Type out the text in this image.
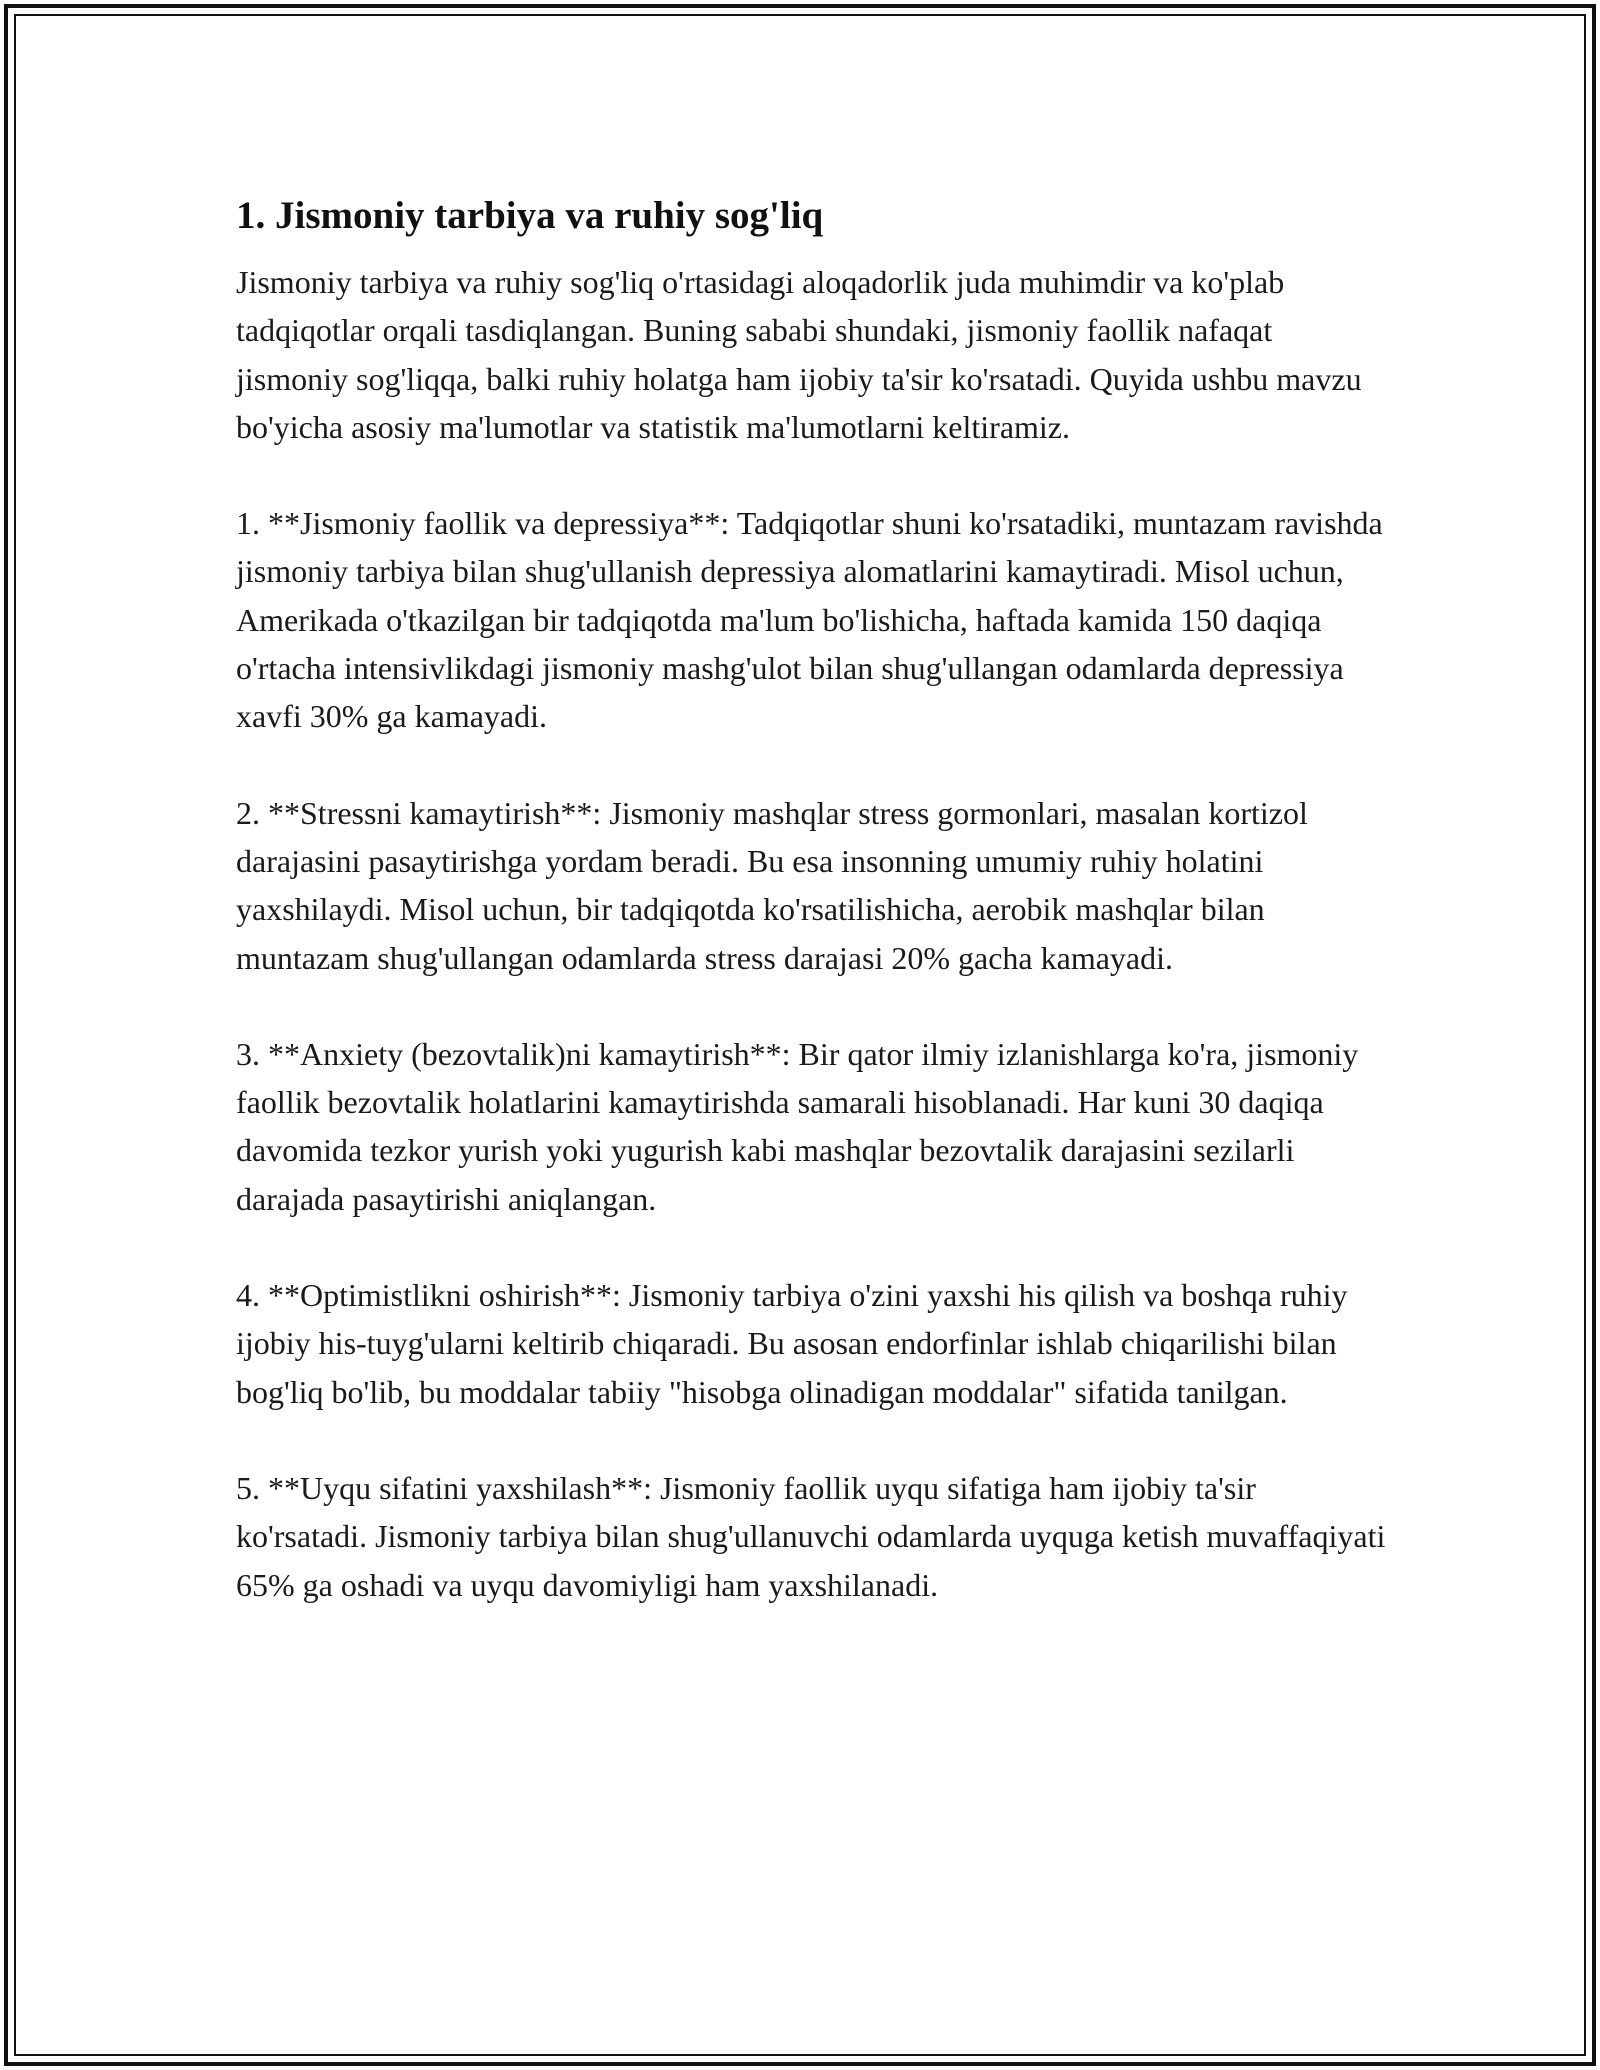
1. Jismoniy tarbiya va ruhiy sog'liq

Jismoniy tarbiya va ruhiy sog'liq o'rtasidagi aloqadorlik juda muhimdir va ko'plab tadqiqotlar orqali tasdiqlangan. Buning sababi shundaki, jismoniy faollik nafaqat jismoniy sog'liqqa, balki ruhiy holatga ham ijobiy ta'sir ko'rsatadi. Quyida ushbu mavzu bo'yicha asosiy ma'lumotlar va statistik ma'lumotlarni keltiramiz.

1. **Jismoniy faollik va depressiya**: Tadqiqotlar shuni ko'rsatadiki, muntazam ravishda jismoniy tarbiya bilan shug'ullanish depressiya alomatlarini kamaytiradi. Misol uchun, Amerikada o'tkazilgan bir tadqiqotda ma'lum bo'lishicha, haftada kamida 150 daqiqa o'rtacha intensivlikdagi jismoniy mashg'ulot bilan shug'ullangan odamlarda depressiya xavfi 30% ga kamayadi.

2. **Stressni kamaytirish**: Jismoniy mashqlar stress gormonlari, masalan kortizol darajasini pasaytirishga yordam beradi. Bu esa insonning umumiy ruhiy holatini yaxshilaydi. Misol uchun, bir tadqiqotda ko'rsatilishicha, aerobik mashqlar bilan muntazam shug'ullangan odamlarda stress darajasi 20% gacha kamayadi.

3. **Anxiety (bezovtalik)ni kamaytirish**: Bir qator ilmiy izlanishlarga ko'ra, jismoniy faollik bezovtalik holatlarini kamaytirishda samarali hisoblanadi. Har kuni 30 daqiqa davomida tezkor yurish yoki yugurish kabi mashqlar bezovtalik darajasini sezilarli darajada pasaytirishi aniqlangan.

4. **Optimistlikni oshirish**: Jismoniy tarbiya o'zini yaxshi his qilish va boshqa ruhiy ijobiy his-tuyg'ularni keltirib chiqaradi. Bu asosan endorfinlar ishlab chiqarilishi bilan bog'liq bo'lib, bu moddalar tabiiy "hisobga olinadigan moddalar" sifatida tanilgan.

5. **Uyqu sifatini yaxshilash**: Jismoniy faollik uyqu sifatiga ham ijobiy ta'sir ko'rsatadi. Jismoniy tarbiya bilan shug'ullanuvchi odamlarda uyquga ketish muvaffaqiyati 65% ga oshadi va uyqu davomiyligi ham yaxshilanadi.
